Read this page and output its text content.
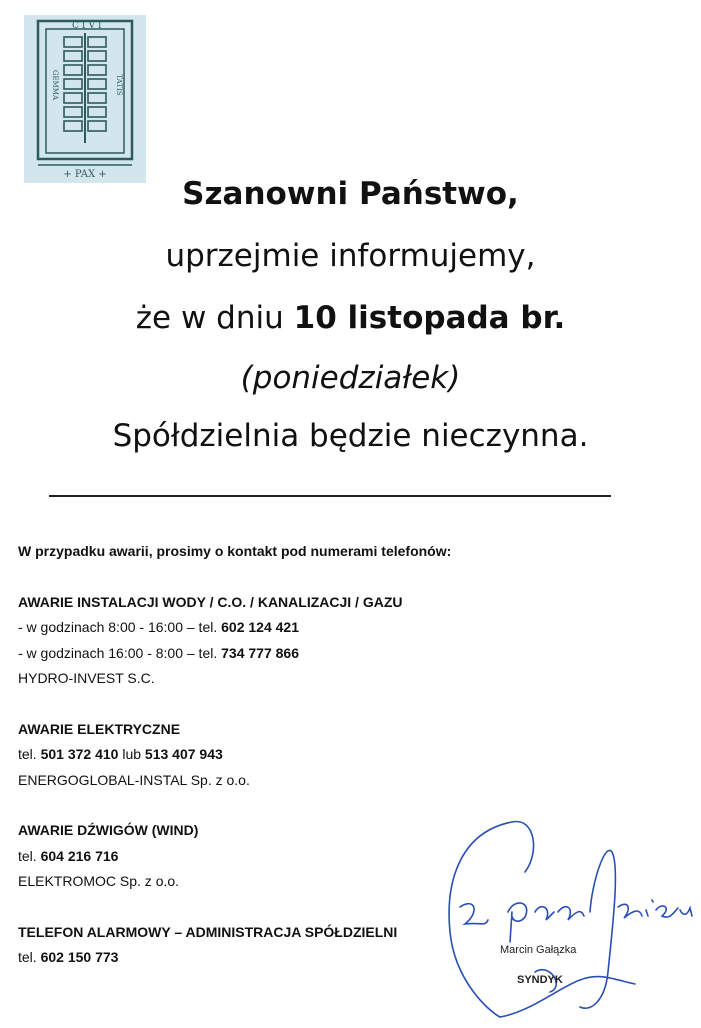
CIVI
GEMMA	TATIS
+ PAX +
Szanowni Państwo,
uprzejmie informujemy,
że w dniu 10 listopada br.
(poniedziałek)
Spółdzielnia będzie nieczynna.
W przypadku awarii, prosimy o kontakt pod numerami telefonów:
AWARIE INSTALACJI WODY / C.O. / KANALIZACJI / GAZU
- w godzinach 8:00 - 16:00 – tel. 602 124 421
- w godzinach 16:00 - 8:00 – tel. 734 777 866
HYDRO-INVEST S.C.
AWARIE ELEKTRYCZNE
tel. 501 372 410 lub 513 407 943
ENERGOGLOBAL-INSTAL Sp. z o.o.
AWARIE DŹWIGÓW (WIND)
tel. 604 216 716
ELEKTROMOC Sp. z o.o.
TELEFON ALARMOWY – ADMINISTRACJA SPÓŁDZIELNI
tel. 602 150 773	Marcin Gałązka
SYNDYK
